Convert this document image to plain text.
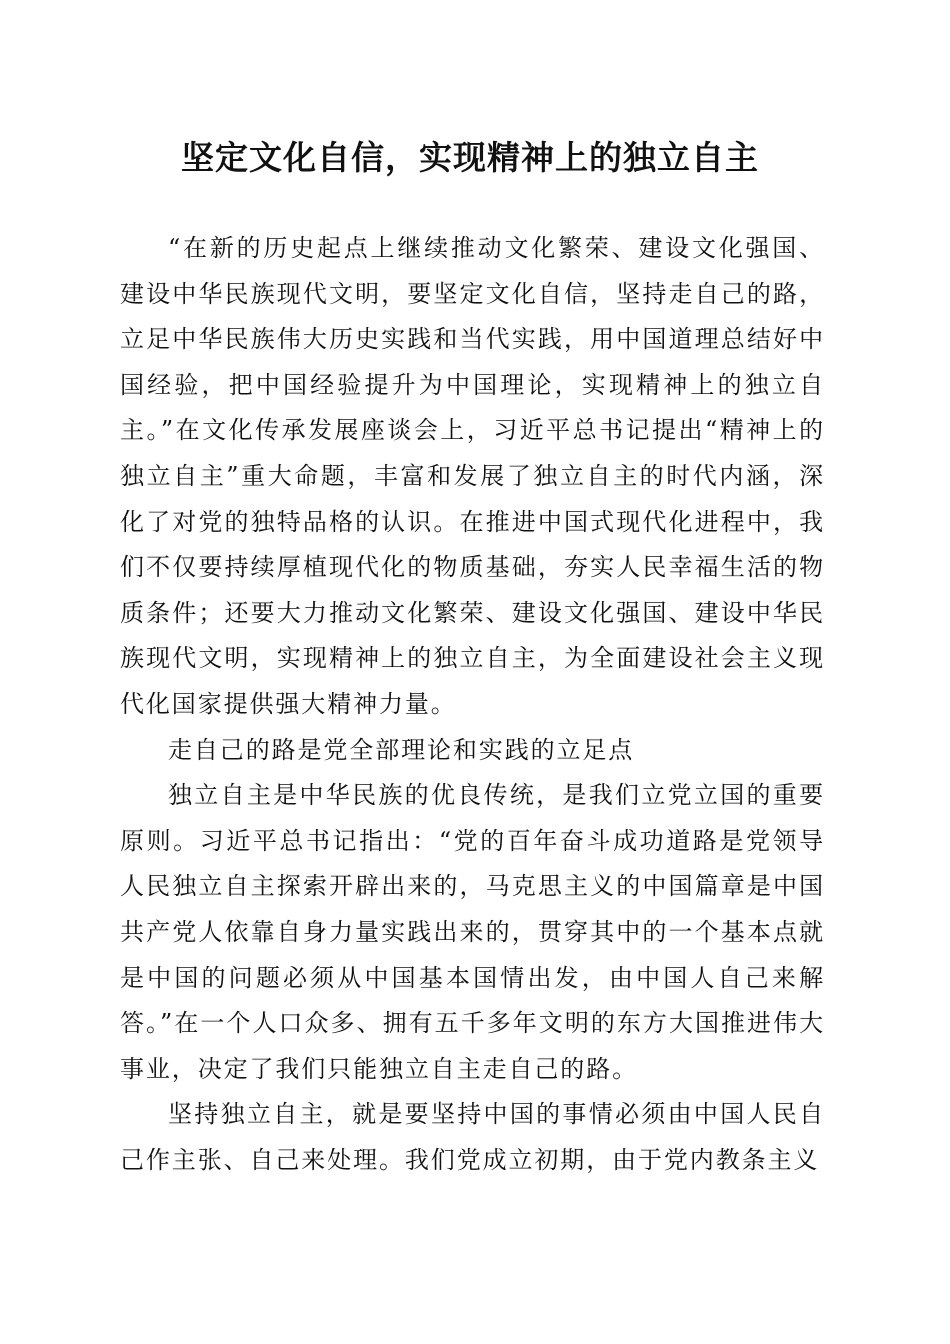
坚定文化自信，实现精神上的独立自主

“在新的历史起点上继续推动文化繁荣、建设文化强国、建设中华民族现代文明，要坚定文化自信，坚持走自己的路，立足中华民族伟大历史实践和当代实践，用中国道理总结好中国经验，把中国经验提升为中国理论，实现精神上的独立自主。”在文化传承发展座谈会上，习近平总书记提出“精神上的独立自主”重大命题，丰富和发展了独立自主的时代内涵，深化了对党的独特品格的认识。在推进中国式现代化进程中，我们不仅要持续厚植现代化的物质基础，夯实人民幸福生活的物质条件；还要大力推动文化繁荣、建设文化强国、建设中华民族现代文明，实现精神上的独立自主，为全面建设社会主义现代化国家提供强大精神力量。

走自己的路是党全部理论和实践的立足点

独立自主是中华民族的优良传统，是我们立党立国的重要原则。习近平总书记指出：“党的百年奋斗成功道路是党领导人民独立自主探索开辟出来的，马克思主义的中国篇章是中国共产党人依靠自身力量实践出来的，贯穿其中的一个基本点就是中国的问题必须从中国基本国情出发，由中国人自己来解答。”在一个人口众多、拥有五千多年文明的东方大国推进伟大事业，决定了我们只能独立自主走自己的路。

坚持独立自主，就是要坚持中国的事情必须由中国人民自己作主张、自己来处理。我们党成立初期，由于党内教条主义
